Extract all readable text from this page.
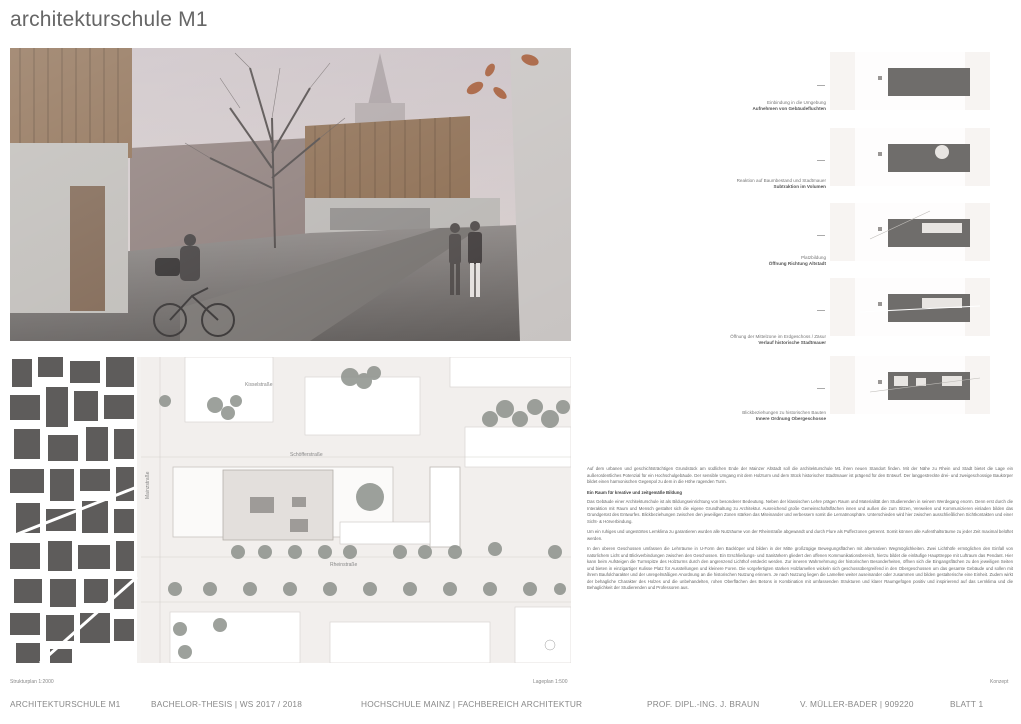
architekturschule M1
Schöfferstraße
Rheinstraße
Mainzstraße
Kisselstraße
Strukturplan 1:2000	Lageplan 1:500	Konzept
Einbindung in die Umgebung
Aufnehmen von Gebäudefluchten
Reaktion auf Baumbestand und Stadtmauer
Subtraktion im Volumen
Platzbildung
Öffnung Richtung Altstadt
Öffnung der Mittelzone im Erdgeschoss / Zäsur
Verlauf historische Stadtmauer
Blickbeziehungen zu historischen Bauten
Innere Ordnung Obergeschosse

Auf dem urbanen und geschichtsträchtigen Grundstück am südlichen Ende der Mainzer Altstadt soll die architekturschule M1 ihren neuen Standort finden. Mit der Nähe zu Rhein und Stadt bietet die Lage ein außerordentliches Potenzial für ein Hochschulgebäude. Der sensible Umgang mit dem Holzturm und dem Stück historischer Stadtmauer ist prägend für den Entwurf. Der langgestreckte drei- und zweigeschossige Baukörper bildet einen harmonischen Gegenpol zu dem in die Höhe ragenden Turm.

Ein Raum für kreative und zeitgemäße Bildung

Das Gebäude einer Architekturschule ist als Bildungseinrichtung von besonderer Bedeutung. Neben der klassischen Lehre prägen Raum und Materialität den Studierenden in seinem Werdegang enorm. Denn erst durch die Interaktion mit Raum und Mensch gestaltet sich die eigene Grundhaltung zu Architektur. Ausreichend große Gemeinschaftsflächen innen und außen die zum Sitzen, Verweilen und Kommunizieren einladen bilden das Grundgerüst des Entwurfes. Blickbeziehungen zwischen den jeweiligen Zonen stärken das Miteinander und verbessern somit die Lernatmosphäre. Unterschieden wird hier zwischen ausschließlichen Sichtkontakten und einer Sicht- & Hörverbindung.

Um ein ruhiges und ungestörtes Lernklima zu garantieren wurden alle Nutzräume von der Rheinstraße abgewandt und durch Flure als Pufferzonen getrennt. Somit können alle Aufenthaltsräume zu jeder Zeit maximal belüftet werden.

In den oberen Geschossen umfassen die Lehrräume in U-Form den Backlöper und bilden in der Mitte großzügige Bewegungsflächen mit alternativen Wegmöglichkeiten. Zwei Lichthöfe ermöglichen den Einfall von natürlichem Licht und Blickverbindungen zwischen den Geschossen. Ein Erschließungs- und Sanitärkern gliedert den offenen Kommunikationsbereich, hierzu bildet die einläufige Haupttreppe mit Luftraum das Pendant. Hier kann beim Aufsteigen die Turmspitze des Holzturms durch den angrenzend Lichthof entdeckt werden. Zur inneren Wahrnehmung der historischen Besonderheiten, öffnen sich die Eingangsflächen zu den jeweiligen Seiten und bieten in einzigartiger Kulisse Platz für Ausstellungen und kleinere Foren. Die vorgefertigten starken Holzlamellen wickeln sich geschossübergreifend in den Obergeschossen um das gesamte Gebäude und sollen mit ihrem Baufolcharakter und der unregelmäßigen Anordnung an die historischen Nutzung erinnern. Je nach Nutzung liegen die Lamellen weiter auseinander oder zusammen und bilden gestalterische eine Einheit. Zudem wirkt der behagliche Charakter des Holzes und die unbehandelten, rohen Oberflächen des Betons in Kombination mit umfassenden Strukturen und klarer Raumgefügen positiv und inspirierend auf das Lernklima und die Behaglichkeit der Studierenden und Professoren aus.

ARCHITEKTURSCHULE M1	BACHELOR-THESIS | WS 2017 / 2018	HOCHSCHULE MAINZ | FACHBEREICH ARCHITEKTUR	PROF. DIPL.-ING. J. BRAUN	V. MÜLLER-BADER | 909220	BLATT 1
